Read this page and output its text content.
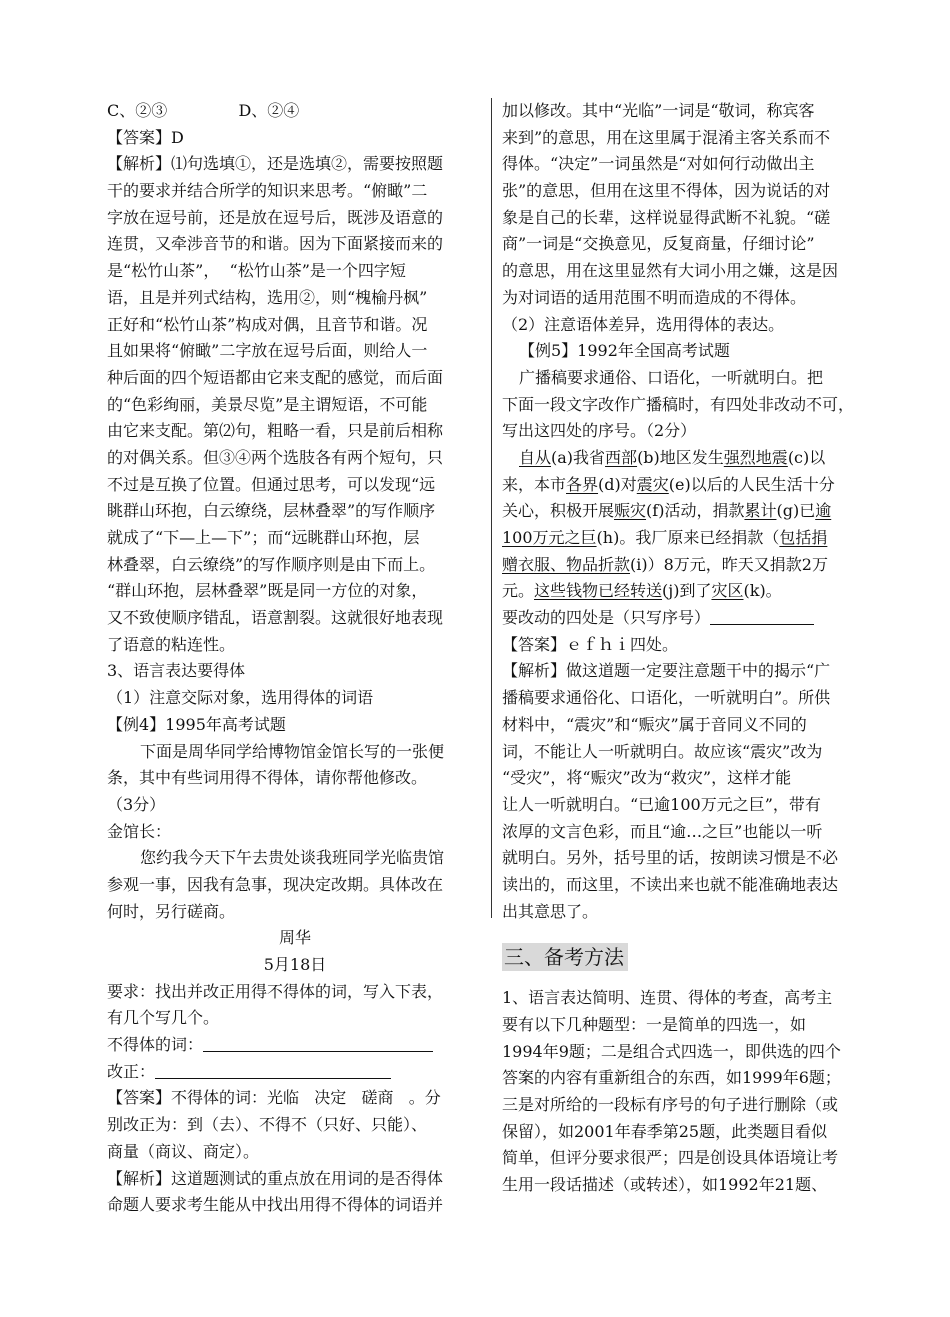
C、②③              D、②④
【答案】D
【解析】⑴句选填①，还是选填②，需要按照题
干的要求并结合所学的知识来思考。“俯瞰”二
字放在逗号前，还是放在逗号后，既涉及语意的
连贯，又牵涉音节的和谐。因为下面紧接而来的
是“松竹山茶”，  “松竹山茶”是一个四字短
语，且是并列式结构，选用②，则“槐榆丹枫”
正好和“松竹山茶”构成对偶，且音节和谐。况
且如果将“俯瞰”二字放在逗号后面，则给人一
种后面的四个短语都由它来支配的感觉，而后面
的“色彩绚丽，美景尽览”是主谓短语，不可能
由它来支配。第⑵句，粗略一看，只是前后相称
的对偶关系。但③④两个选肢各有两个短句，只
不过是互换了位置。但通过思考，可以发现“远
眺群山环抱，白云缭绕，层林叠翠”的写作顺序
就成了“下—上—下”；而“远眺群山环抱，层
林叠翠，白云缭绕”的写作顺序则是由下而上。
“群山环抱，层林叠翠”既是同一方位的对象，
又不致使顺序错乱，语意割裂。这就很好地表现
了语意的粘连性。
3、语言表达要得体
（1）注意交际对象，选用得体的词语
【例4】1995年高考试题
下面是周华同学给博物馆金馆长写的一张便
条，其中有些词用得不得体，请你帮他修改。
（3分）
金馆长：
您约我今天下午去贵处谈我班同学光临贵馆
参观一事，因我有急事，现决定改期。具体改在
何时，另行磋商。
周华
5月18日
要求：找出并改正用得不得体的词，写入下表，
有几个写几个。
不得体的词：
改正：
【答案】不得体的词：光临   决定   磋商   。分
别改正为：到（去）、不得不（只好、只能）、
商量（商议、商定）。
【解析】这道题测试的重点放在用词的是否得体
命题人要求考生能从中找出用得不得体的词语并
加以修改。其中“光临”一词是“敬词，称宾客
来到”的意思，用在这里属于混淆主客关系而不
得体。“决定”一词虽然是“对如何行动做出主
张”的意思，但用在这里不得体，因为说话的对
象是自己的长辈，这样说显得武断不礼貌。“磋
商”一词是“交换意见，反复商量，仔细讨论”
的意思，用在这里显然有大词小用之嫌，这是因
为对词语的适用范围不明而造成的不得体。
（2）注意语体差异，选用得体的表达。
【例5】1992年全国高考试题
广播稿要求通俗、口语化，一听就明白。把
下面一段文字改作广播稿时，有四处非改动不可，
写出这四处的序号。（2分）
自从(a)我省西部(b)地区发生强烈地震(c)以
来，本市各界(d)对震灾(e)以后的人民生活十分
关心，积极开展赈灾(f)活动，捐款累计(g)已逾
100万元之巨(h)。我厂原来已经捐款（包括捐
赠衣服、物品折款(i)）8万元，昨天又捐款2万
元。这些钱物已经转送(j)到了灾区(k)。
要改动的四处是（只写序号）
【答案】ｅｆｈｉ四处。
【解析】做这道题一定要注意题干中的揭示“广
播稿要求通俗化、口语化，一听就明白”。所供
材料中，“震灾”和“赈灾”属于音同义不同的
词，不能让人一听就明白。故应该“震灾”改为
“受灾”，将“赈灾”改为“救灾”，这样才能
让人一听就明白。“已逾100万元之巨”，带有
浓厚的文言色彩，而且“逾…之巨”也能以一听
就明白。另外，括号里的话，按朗读习惯是不必
读出的，而这里，不读出来也就不能准确地表达
出其意思了。
三、备考方法
1、语言表达简明、连贯、得体的考查，高考主
要有以下几种题型：一是简单的四选一，如
1994年9题；二是组合式四选一，即供选的四个
答案的内容有重新组合的东西，如1999年6题；
三是对所给的一段标有序号的句子进行删除（或
保留），如2001年春季第25题，此类题目看似
简单，但评分要求很严；四是创设具体语境让考
生用一段话描述（或转述），如1992年21题、
